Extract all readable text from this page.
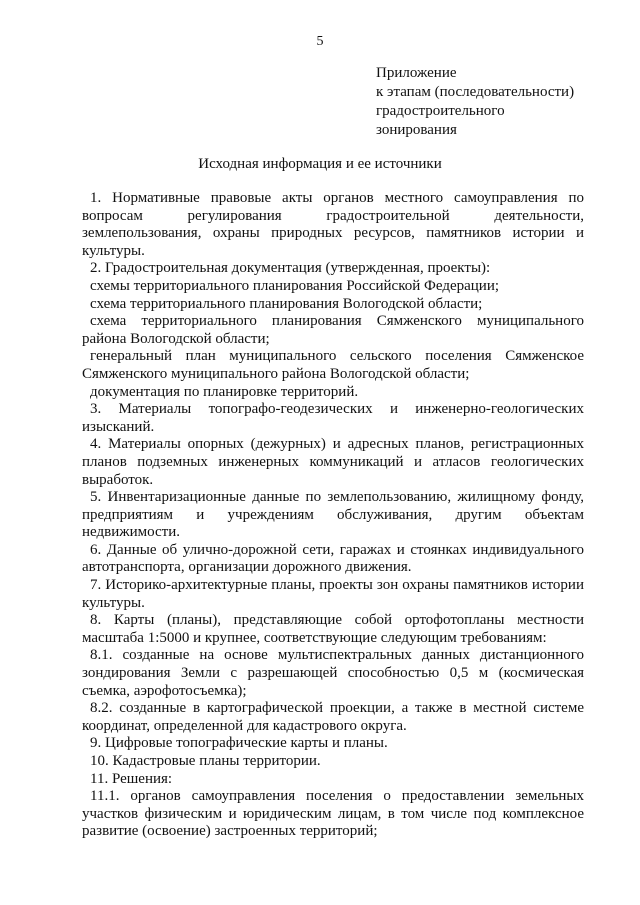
5
Приложение
к этапам (последовательности)
градостроительного
зонирования
Исходная информация и ее источники
1. Нормативные правовые акты органов местного самоуправления по вопросам регулирования градостроительной деятельности, землепользования, охраны природных ресурсов, памятников истории и культуры.
2. Градостроительная документация (утвержденная, проекты):
схемы территориального планирования Российской Федерации;
схема территориального планирования Вологодской области;
схема территориального планирования Сямженского муниципального района Вологодской области;
генеральный план муниципального сельского поселения Сямженское Сямженского муниципального района Вологодской области;
документация по планировке территорий.
3. Материалы топографо-геодезических и инженерно-геологических изысканий.
4. Материалы опорных (дежурных) и адресных планов, регистрационных планов подземных инженерных коммуникаций и атласов геологических выработок.
5. Инвентаризационные данные по землепользованию, жилищному фонду, предприятиям и учреждениям обслуживания, другим объектам недвижимости.
6. Данные об улично-дорожной сети, гаражах и стоянках индивидуального автотранспорта, организации дорожного движения.
7. Историко-архитектурные планы, проекты зон охраны памятников истории культуры.
8. Карты (планы), представляющие собой ортофотопланы местности масштаба 1:5000 и крупнее, соответствующие следующим требованиям:
8.1. созданные на основе мультиспектральных данных дистанционного зондирования Земли с разрешающей способностью 0,5 м (космическая съемка, аэрофотосъемка);
8.2. созданные в картографической проекции, а также в местной системе координат, определенной для кадастрового округа.
9. Цифровые топографические карты и планы.
10. Кадастровые планы территории.
11. Решения:
11.1. органов самоуправления поселения о предоставлении земельных участков физическим и юридическим лицам, в том числе под комплексное развитие (освоение) застроенных территорий;
